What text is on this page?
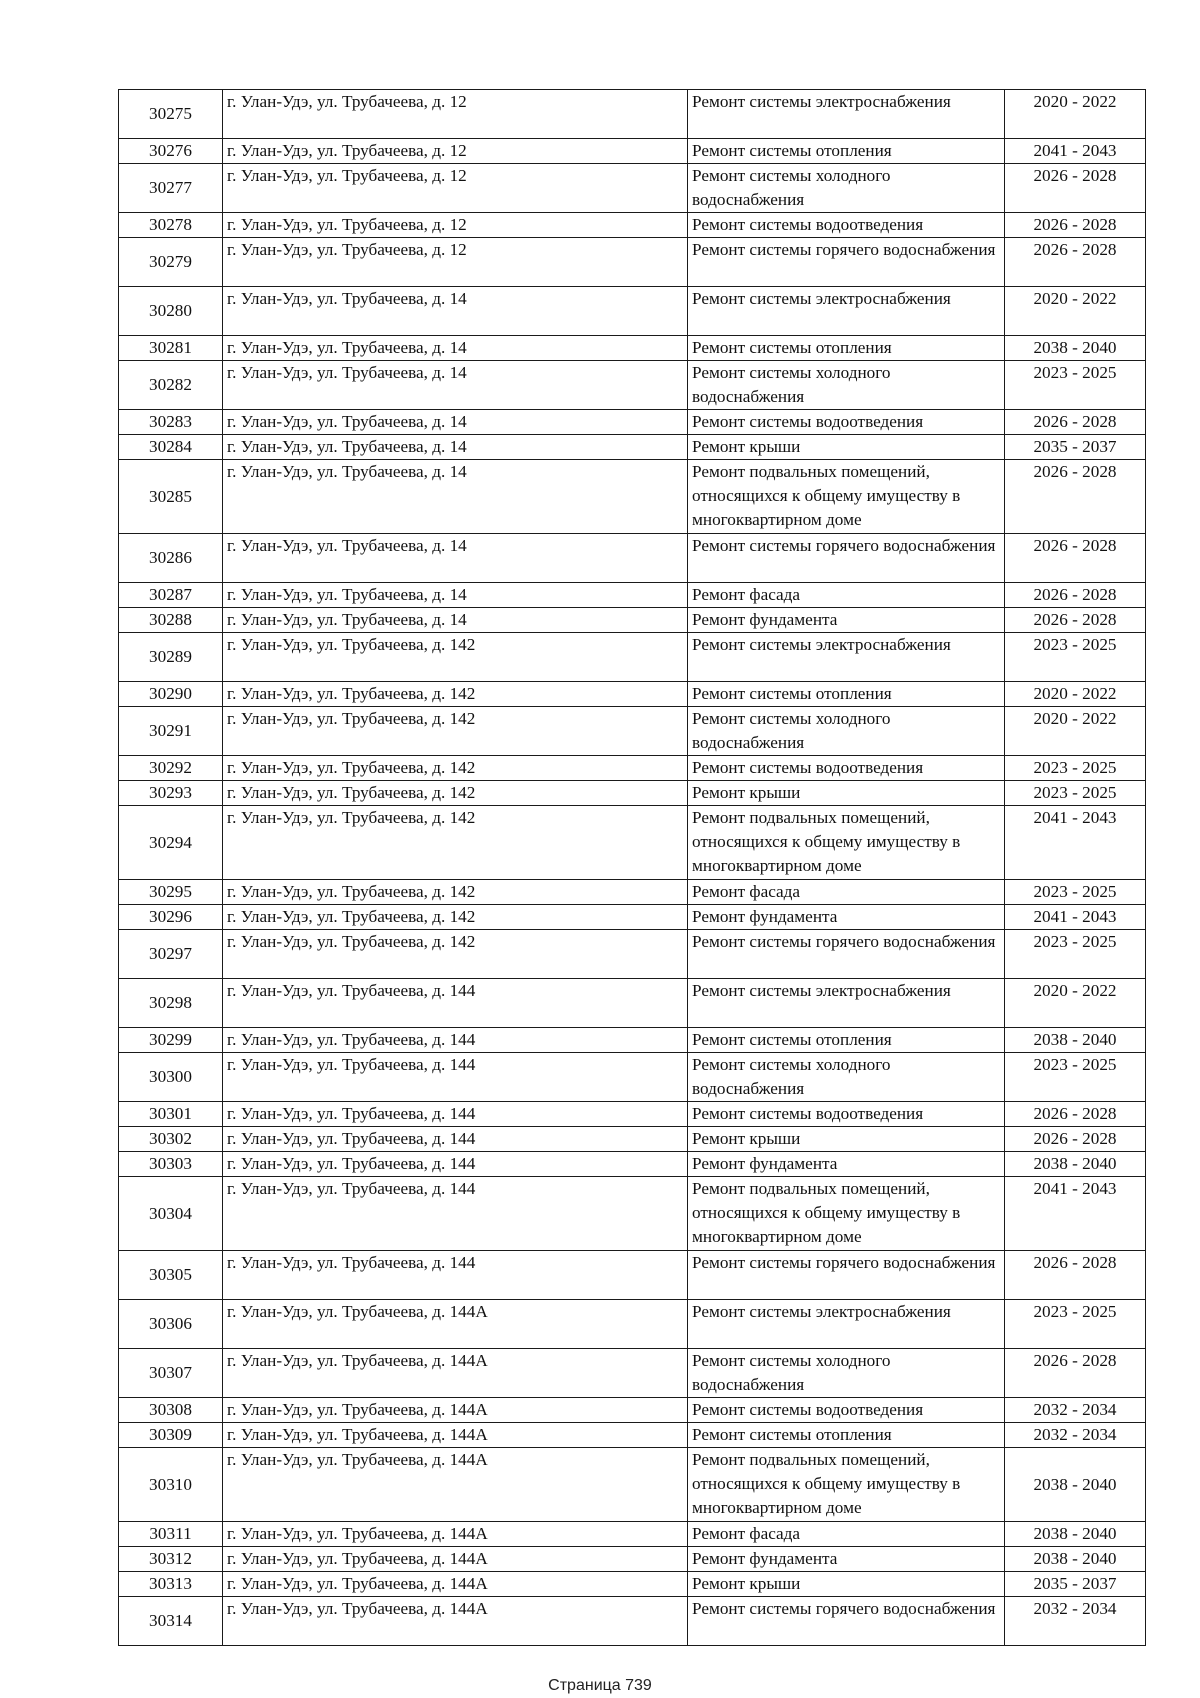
30275	г. Улан-Удэ, ул. Трубачеева, д. 12	Ремонт системы электроснабжения	2020 - 2022
30276	г. Улан-Удэ, ул. Трубачеева, д. 12	Ремонт системы отопления	2041 - 2043
30277	г. Улан-Удэ, ул. Трубачеева, д. 12	Ремонт системы холодного водоснабжения	2026 - 2028
30278	г. Улан-Удэ, ул. Трубачеева, д. 12	Ремонт системы водоотведения	2026 - 2028
30279	г. Улан-Удэ, ул. Трубачеева, д. 12	Ремонт системы горячего водоснабжения	2026 - 2028
30280	г. Улан-Удэ, ул. Трубачеева, д. 14	Ремонт системы электроснабжения	2020 - 2022
30281	г. Улан-Удэ, ул. Трубачеева, д. 14	Ремонт системы отопления	2038 - 2040
30282	г. Улан-Удэ, ул. Трубачеева, д. 14	Ремонт системы холодного водоснабжения	2023 - 2025
30283	г. Улан-Удэ, ул. Трубачеева, д. 14	Ремонт системы водоотведения	2026 - 2028
30284	г. Улан-Удэ, ул. Трубачеева, д. 14	Ремонт крыши	2035 - 2037
30285	г. Улан-Удэ, ул. Трубачеева, д. 14	Ремонт подвальных помещений, относящихся к общему имуществу в многоквартирном доме	2026 - 2028
30286	г. Улан-Удэ, ул. Трубачеева, д. 14	Ремонт системы горячего водоснабжения	2026 - 2028
30287	г. Улан-Удэ, ул. Трубачеева, д. 14	Ремонт фасада	2026 - 2028
30288	г. Улан-Удэ, ул. Трубачеева, д. 14	Ремонт фундамента	2026 - 2028
30289	г. Улан-Удэ, ул. Трубачеева, д. 142	Ремонт системы электроснабжения	2023 - 2025
30290	г. Улан-Удэ, ул. Трубачеева, д. 142	Ремонт системы отопления	2020 - 2022
30291	г. Улан-Удэ, ул. Трубачеева, д. 142	Ремонт системы холодного водоснабжения	2020 - 2022
30292	г. Улан-Удэ, ул. Трубачеева, д. 142	Ремонт системы водоотведения	2023 - 2025
30293	г. Улан-Удэ, ул. Трубачеева, д. 142	Ремонт крыши	2023 - 2025
30294	г. Улан-Удэ, ул. Трубачеева, д. 142	Ремонт подвальных помещений, относящихся к общему имуществу в многоквартирном доме	2041 - 2043
30295	г. Улан-Удэ, ул. Трубачеева, д. 142	Ремонт фасада	2023 - 2025
30296	г. Улан-Удэ, ул. Трубачеева, д. 142	Ремонт фундамента	2041 - 2043
30297	г. Улан-Удэ, ул. Трубачеева, д. 142	Ремонт системы горячего водоснабжения	2023 - 2025
30298	г. Улан-Удэ, ул. Трубачеева, д. 144	Ремонт системы электроснабжения	2020 - 2022
30299	г. Улан-Удэ, ул. Трубачеева, д. 144	Ремонт системы отопления	2038 - 2040
30300	г. Улан-Удэ, ул. Трубачеева, д. 144	Ремонт системы холодного водоснабжения	2023 - 2025
30301	г. Улан-Удэ, ул. Трубачеева, д. 144	Ремонт системы водоотведения	2026 - 2028
30302	г. Улан-Удэ, ул. Трубачеева, д. 144	Ремонт крыши	2026 - 2028
30303	г. Улан-Удэ, ул. Трубачеева, д. 144	Ремонт фундамента	2038 - 2040
30304	г. Улан-Удэ, ул. Трубачеева, д. 144	Ремонт подвальных помещений, относящихся к общему имуществу в многоквартирном доме	2041 - 2043
30305	г. Улан-Удэ, ул. Трубачеева, д. 144	Ремонт системы горячего водоснабжения	2026 - 2028
30306	г. Улан-Удэ, ул. Трубачеева, д. 144А	Ремонт системы электроснабжения	2023 - 2025
30307	г. Улан-Удэ, ул. Трубачеева, д. 144А	Ремонт системы холодного водоснабжения	2026 - 2028
30308	г. Улан-Удэ, ул. Трубачеева, д. 144А	Ремонт системы водоотведения	2032 - 2034
30309	г. Улан-Удэ, ул. Трубачеева, д. 144А	Ремонт системы отопления	2032 - 2034
30310	г. Улан-Удэ, ул. Трубачеева, д. 144А	Ремонт подвальных помещений, относящихся к общему имуществу в многоквартирном доме	2038 - 2040
30311	г. Улан-Удэ, ул. Трубачеева, д. 144А	Ремонт фасада	2038 - 2040
30312	г. Улан-Удэ, ул. Трубачеева, д. 144А	Ремонт фундамента	2038 - 2040
30313	г. Улан-Удэ, ул. Трубачеева, д. 144А	Ремонт крыши	2035 - 2037
30314	г. Улан-Удэ, ул. Трубачеева, д. 144А	Ремонт системы горячего водоснабжения	2032 - 2034
Страница 739
